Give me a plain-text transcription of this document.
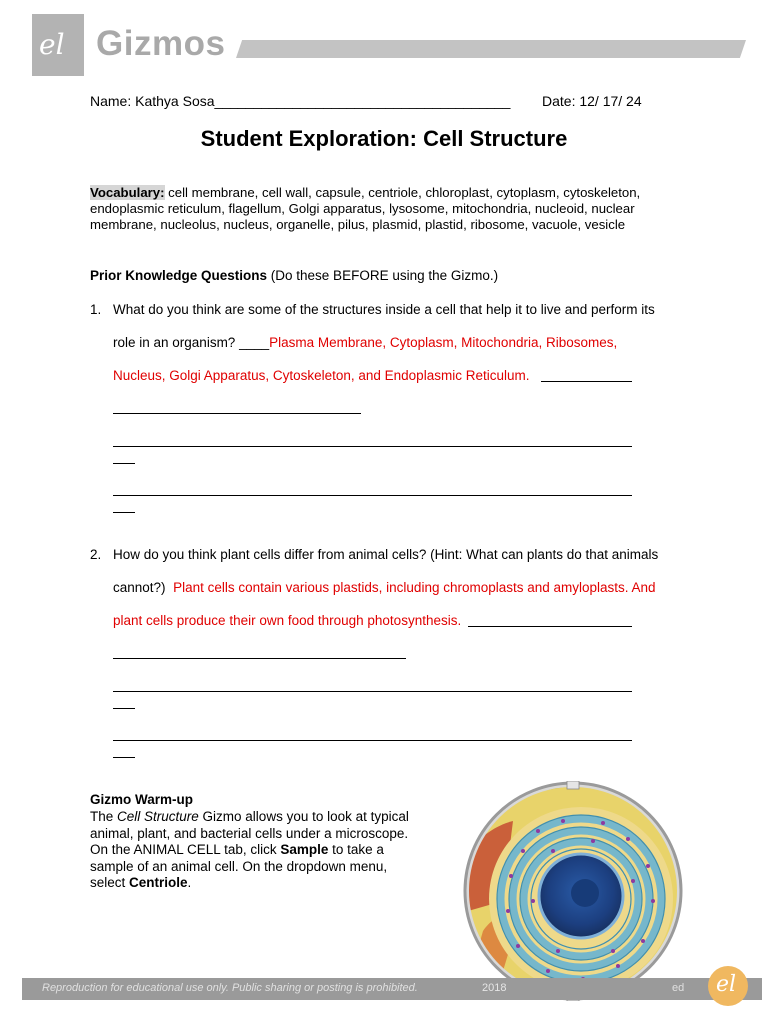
el Gizmos
Name: Kathya Sosa______________________________________ Date: 12/ 17/ 24
Student Exploration: Cell Structure
Vocabulary: cell membrane, cell wall, capsule, centriole, chloroplast, cytoplasm, cytoskeleton, endoplasmic reticulum, flagellum, Golgi apparatus, lysosome, mitochondria, nucleoid, nuclear membrane, nucleolus, nucleus, organelle, pilus, plasmid, plastid, ribosome, vacuole, vesicle
Prior Knowledge Questions (Do these BEFORE using the Gizmo.)
1. What do you think are some of the structures inside a cell that help it to live and perform its
role in an organism? ____Plasma Membrane, Cytoplasm, Mitochondria, Ribosomes,
Nucleus, Golgi Apparatus, Cytoskeleton, and Endoplasmic Reticulum.
2. How do you think plant cells differ from animal cells? (Hint: What can plants do that animals
cannot?) Plant cells contain various plastids, including chromoplasts and amyloplasts. And
plant cells produce their own food through photosynthesis.
Gizmo Warm-up
The Cell Structure Gizmo allows you to look at typical animal, plant, and bacterial cells under a microscope. On the ANIMAL CELL tab, click Sample to take a sample of an animal cell. On the dropdown menu, select Centriole.
Reproduction for educational use only. Public sharing or posting is prohibited.	2018	ed el
